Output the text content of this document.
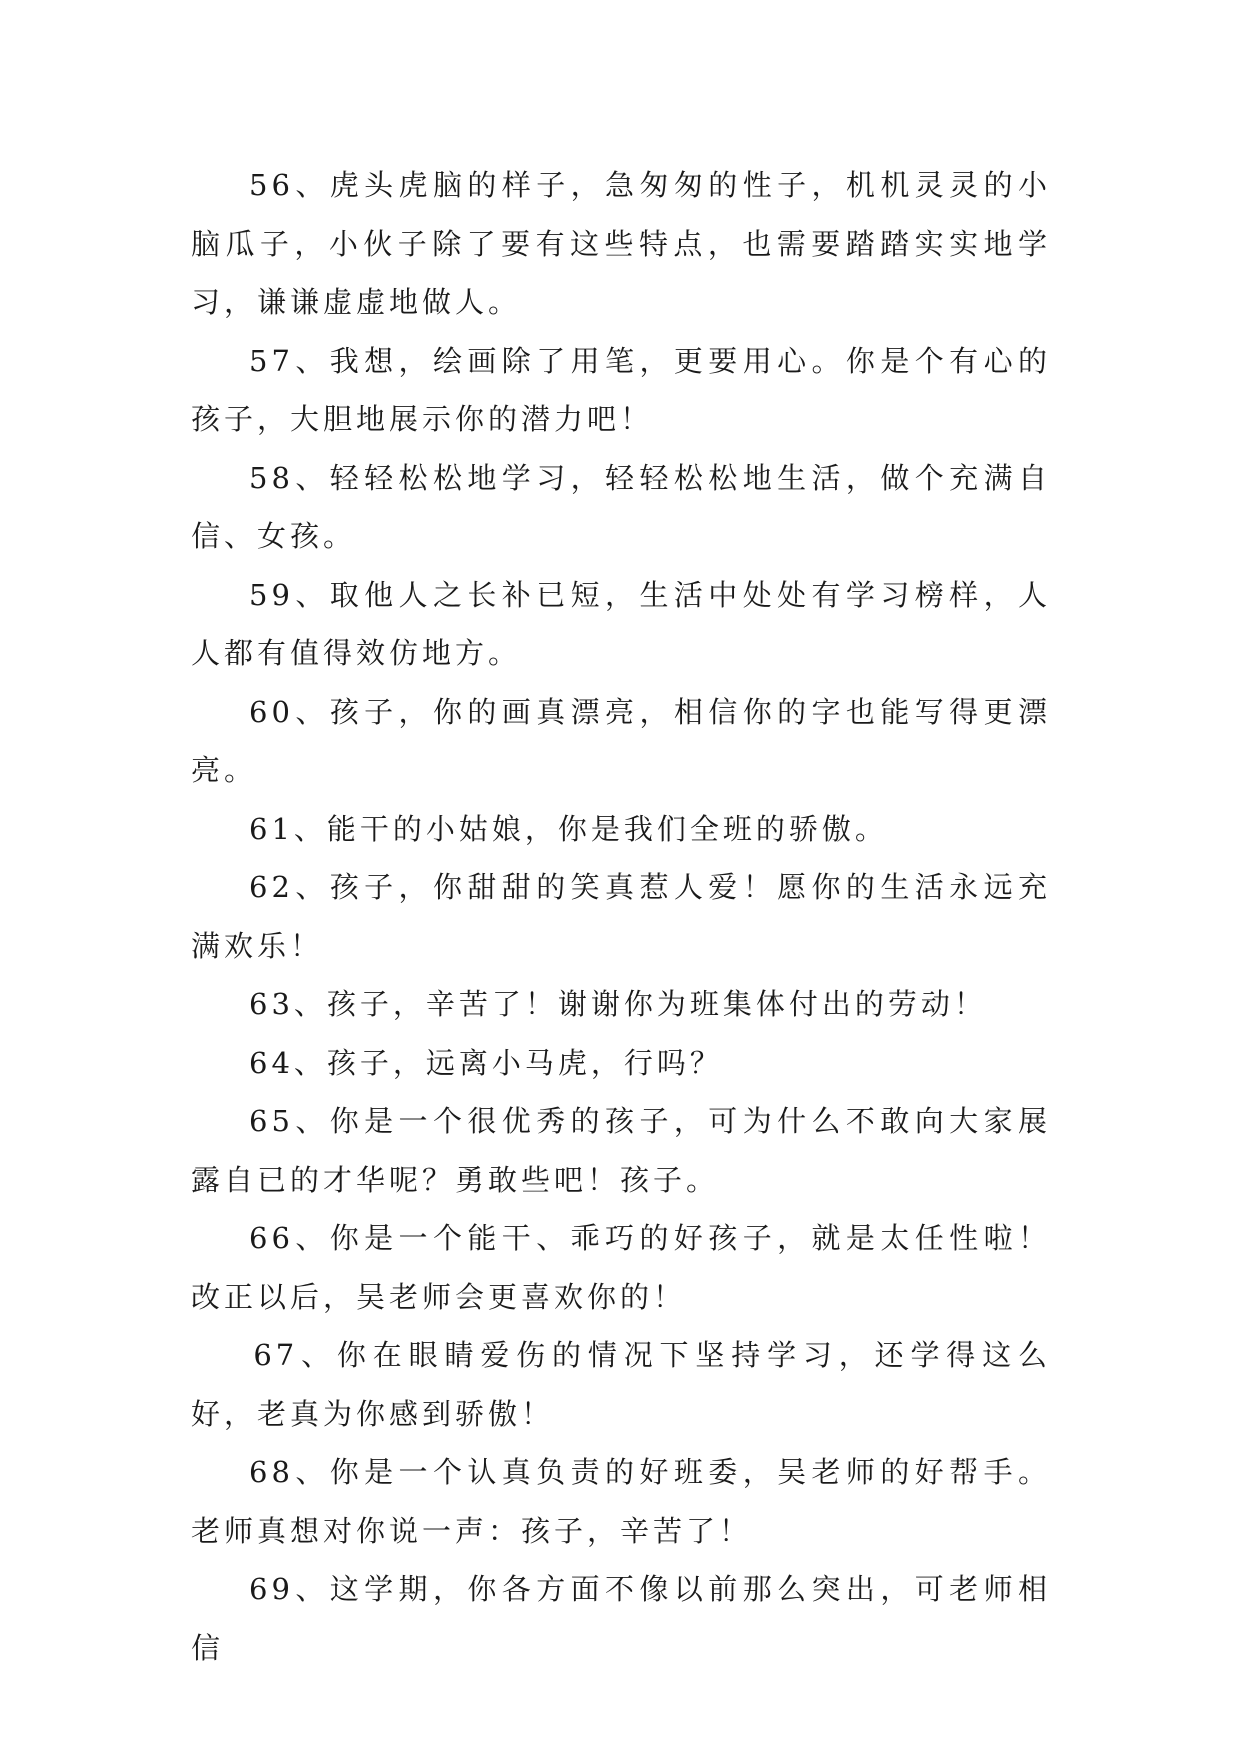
56、虎头虎脑的样子，急匆匆的性子，机机灵灵的小脑瓜子，小伙子除了要有这些特点，也需要踏踏实实地学习，谦谦虚虚地做人。

57、我想，绘画除了用笔，更要用心。你是个有心的孩子，大胆地展示你的潜力吧！

58、轻轻松松地学习，轻轻松松地生活，做个充满自信、女孩。

59、取他人之长补已短，生活中处处有学习榜样，人人都有值得效仿地方。

60、孩子，你的画真漂亮，相信你的字也能写得更漂亮。

61、能干的小姑娘，你是我们全班的骄傲。

62、孩子，你甜甜的笑真惹人爱！愿你的生活永远充满欢乐！

63、孩子，辛苦了！谢谢你为班集体付出的劳动！

64、孩子，远离小马虎，行吗？

65、你是一个很优秀的孩子，可为什么不敢向大家展露自已的才华呢？勇敢些吧！孩子。

66、你是一个能干、乖巧的好孩子，就是太任性啦！改正以后，吴老师会更喜欢你的！

67、你在眼睛爱伤的情况下坚持学习，还学得这么好，老真为你感到骄傲！

68、你是一个认真负责的好班委，吴老师的好帮手。老师真想对你说一声：孩子，辛苦了！

69、这学期，你各方面不像以前那么突出，可老师相信
